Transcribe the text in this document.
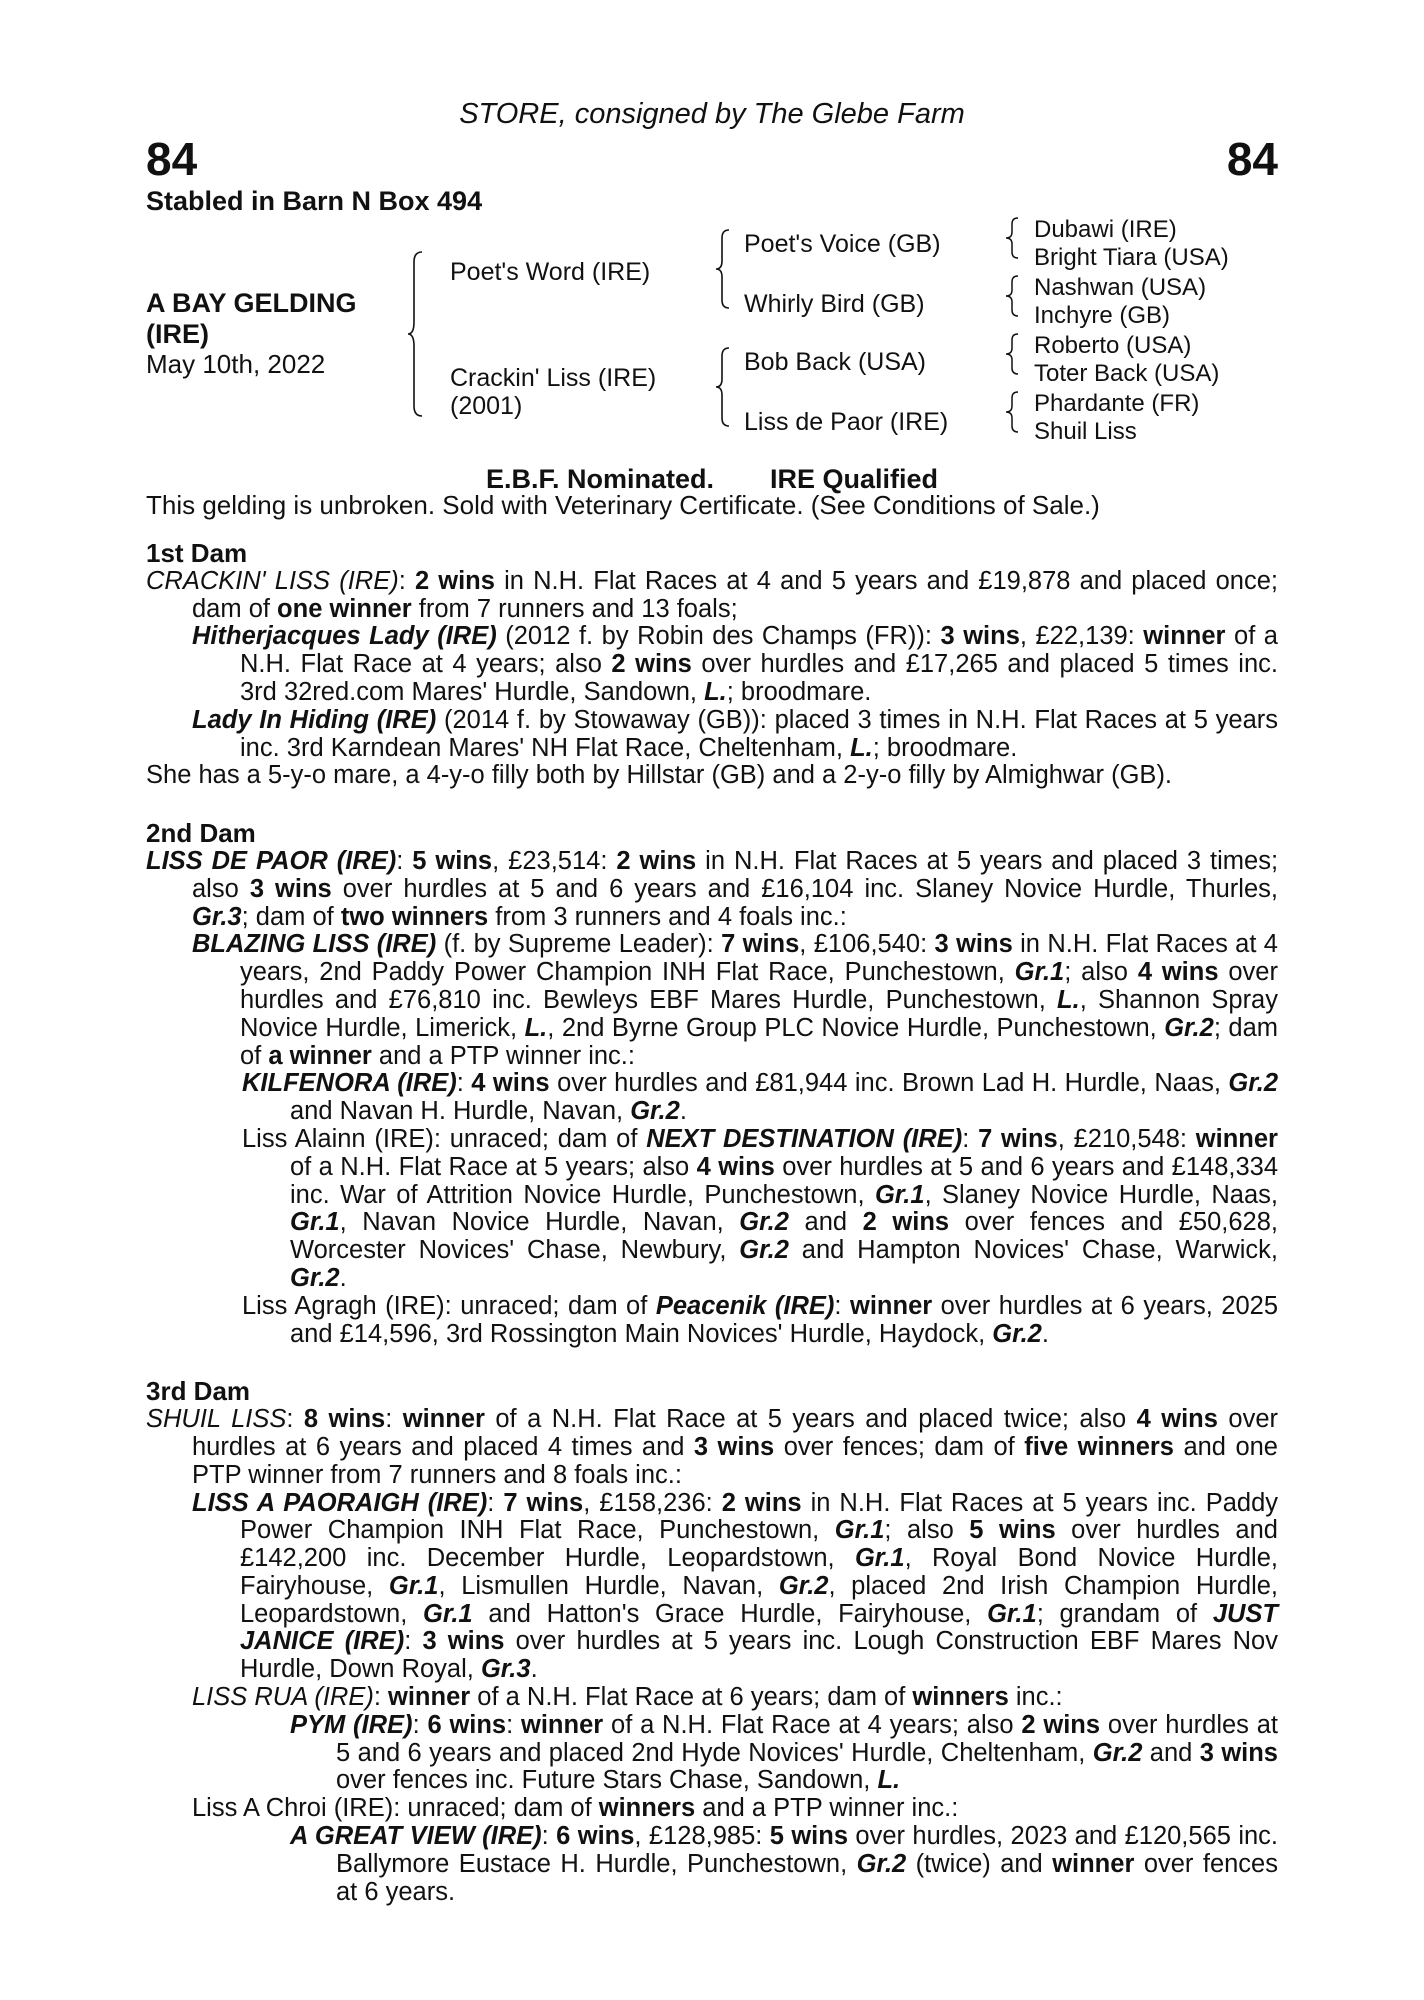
STORE, consigned by The Glebe Farm
84	84
Stabled in Barn N Box 494
A BAY GELDING
(IRE)
May 10th, 2022
Poet's Word (IRE)
Crackin' Liss (IRE)
(2001)
Poet's Voice (GB)
Whirly Bird (GB)
Bob Back (USA)
Liss de Paor (IRE)
Dubawi (IRE)
Bright Tiara (USA)
Nashwan (USA)
Inchyre (GB)
Roberto (USA)
Toter Back (USA)
Phardante (FR)
Shuil Liss
E.B.F. Nominated. IRE Qualified
This gelding is unbroken. Sold with Veterinary Certificate. (See Conditions of Sale.)
1st Dam

CRACKIN' LISS (IRE): 2 wins in N.H. Flat Races at 4 and 5 years and £19,878 and placed once; dam of one winner from 7 runners and 13 foals;

Hitherjacques Lady (IRE) (2012 f. by Robin des Champs (FR)): 3 wins, £22,139: winner of a N.H. Flat Race at 4 years; also 2 wins over hurdles and £17,265 and placed 5 times inc. 3rd 32red.com Mares' Hurdle, Sandown, L.; broodmare.

Lady In Hiding (IRE) (2014 f. by Stowaway (GB)): placed 3 times in N.H. Flat Races at 5 years inc. 3rd Karndean Mares' NH Flat Race, Cheltenham, L.; broodmare.

She has a 5-y-o mare, a 4-y-o filly both by Hillstar (GB) and a 2-y-o filly by Almighwar (GB).

2nd Dam

LISS DE PAOR (IRE): 5 wins, £23,514: 2 wins in N.H. Flat Races at 5 years and placed 3 times; also 3 wins over hurdles at 5 and 6 years and £16,104 inc. Slaney Novice Hurdle, Thurles, Gr.3; dam of two winners from 3 runners and 4 foals inc.:

BLAZING LISS (IRE) (f. by Supreme Leader): 7 wins, £106,540: 3 wins in N.H. Flat Races at 4 years, 2nd Paddy Power Champion INH Flat Race, Punchestown, Gr.1; also 4 wins over hurdles and £76,810 inc. Bewleys EBF Mares Hurdle, Punchestown, L., Shannon Spray Novice Hurdle, Limerick, L., 2nd Byrne Group PLC Novice Hurdle, Punchestown, Gr.2; dam of a winner and a PTP winner inc.:

KILFENORA (IRE): 4 wins over hurdles and £81,944 inc. Brown Lad H. Hurdle, Naas, Gr.2 and Navan H. Hurdle, Navan, Gr.2.

Liss Alainn (IRE): unraced; dam of NEXT DESTINATION (IRE): 7 wins, £210,548: winner of a N.H. Flat Race at 5 years; also 4 wins over hurdles at 5 and 6 years and £148,334 inc. War of Attrition Novice Hurdle, Punchestown, Gr.1, Slaney Novice Hurdle, Naas, Gr.1, Navan Novice Hurdle, Navan, Gr.2 and 2 wins over fences and £50,628, Worcester Novices' Chase, Newbury, Gr.2 and Hampton Novices' Chase, Warwick, Gr.2.

Liss Agragh (IRE): unraced; dam of Peacenik (IRE): winner over hurdles at 6 years, 2025 and £14,596, 3rd Rossington Main Novices' Hurdle, Haydock, Gr.2.

3rd Dam

SHUIL LISS: 8 wins: winner of a N.H. Flat Race at 5 years and placed twice; also 4 wins over hurdles at 6 years and placed 4 times and 3 wins over fences; dam of five winners and one PTP winner from 7 runners and 8 foals inc.:

LISS A PAORAIGH (IRE): 7 wins, £158,236: 2 wins in N.H. Flat Races at 5 years inc. Paddy Power Champion INH Flat Race, Punchestown, Gr.1; also 5 wins over hurdles and £142,200 inc. December Hurdle, Leopardstown, Gr.1, Royal Bond Novice Hurdle, Fairyhouse, Gr.1, Lismullen Hurdle, Navan, Gr.2, placed 2nd Irish Champion Hurdle, Leopardstown, Gr.1 and Hatton's Grace Hurdle, Fairyhouse, Gr.1; grandam of JUST JANICE (IRE): 3 wins over hurdles at 5 years inc. Lough Construction EBF Mares Nov Hurdle, Down Royal, Gr.3.

LISS RUA (IRE): winner of a N.H. Flat Race at 6 years; dam of winners inc.:

PYM (IRE): 6 wins: winner of a N.H. Flat Race at 4 years; also 2 wins over hurdles at 5 and 6 years and placed 2nd Hyde Novices' Hurdle, Cheltenham, Gr.2 and 3 wins over fences inc. Future Stars Chase, Sandown, L.

Liss A Chroi (IRE): unraced; dam of winners and a PTP winner inc.:

A GREAT VIEW (IRE): 6 wins, £128,985: 5 wins over hurdles, 2023 and £120,565 inc. Ballymore Eustace H. Hurdle, Punchestown, Gr.2 (twice) and winner over fences at 6 years.
